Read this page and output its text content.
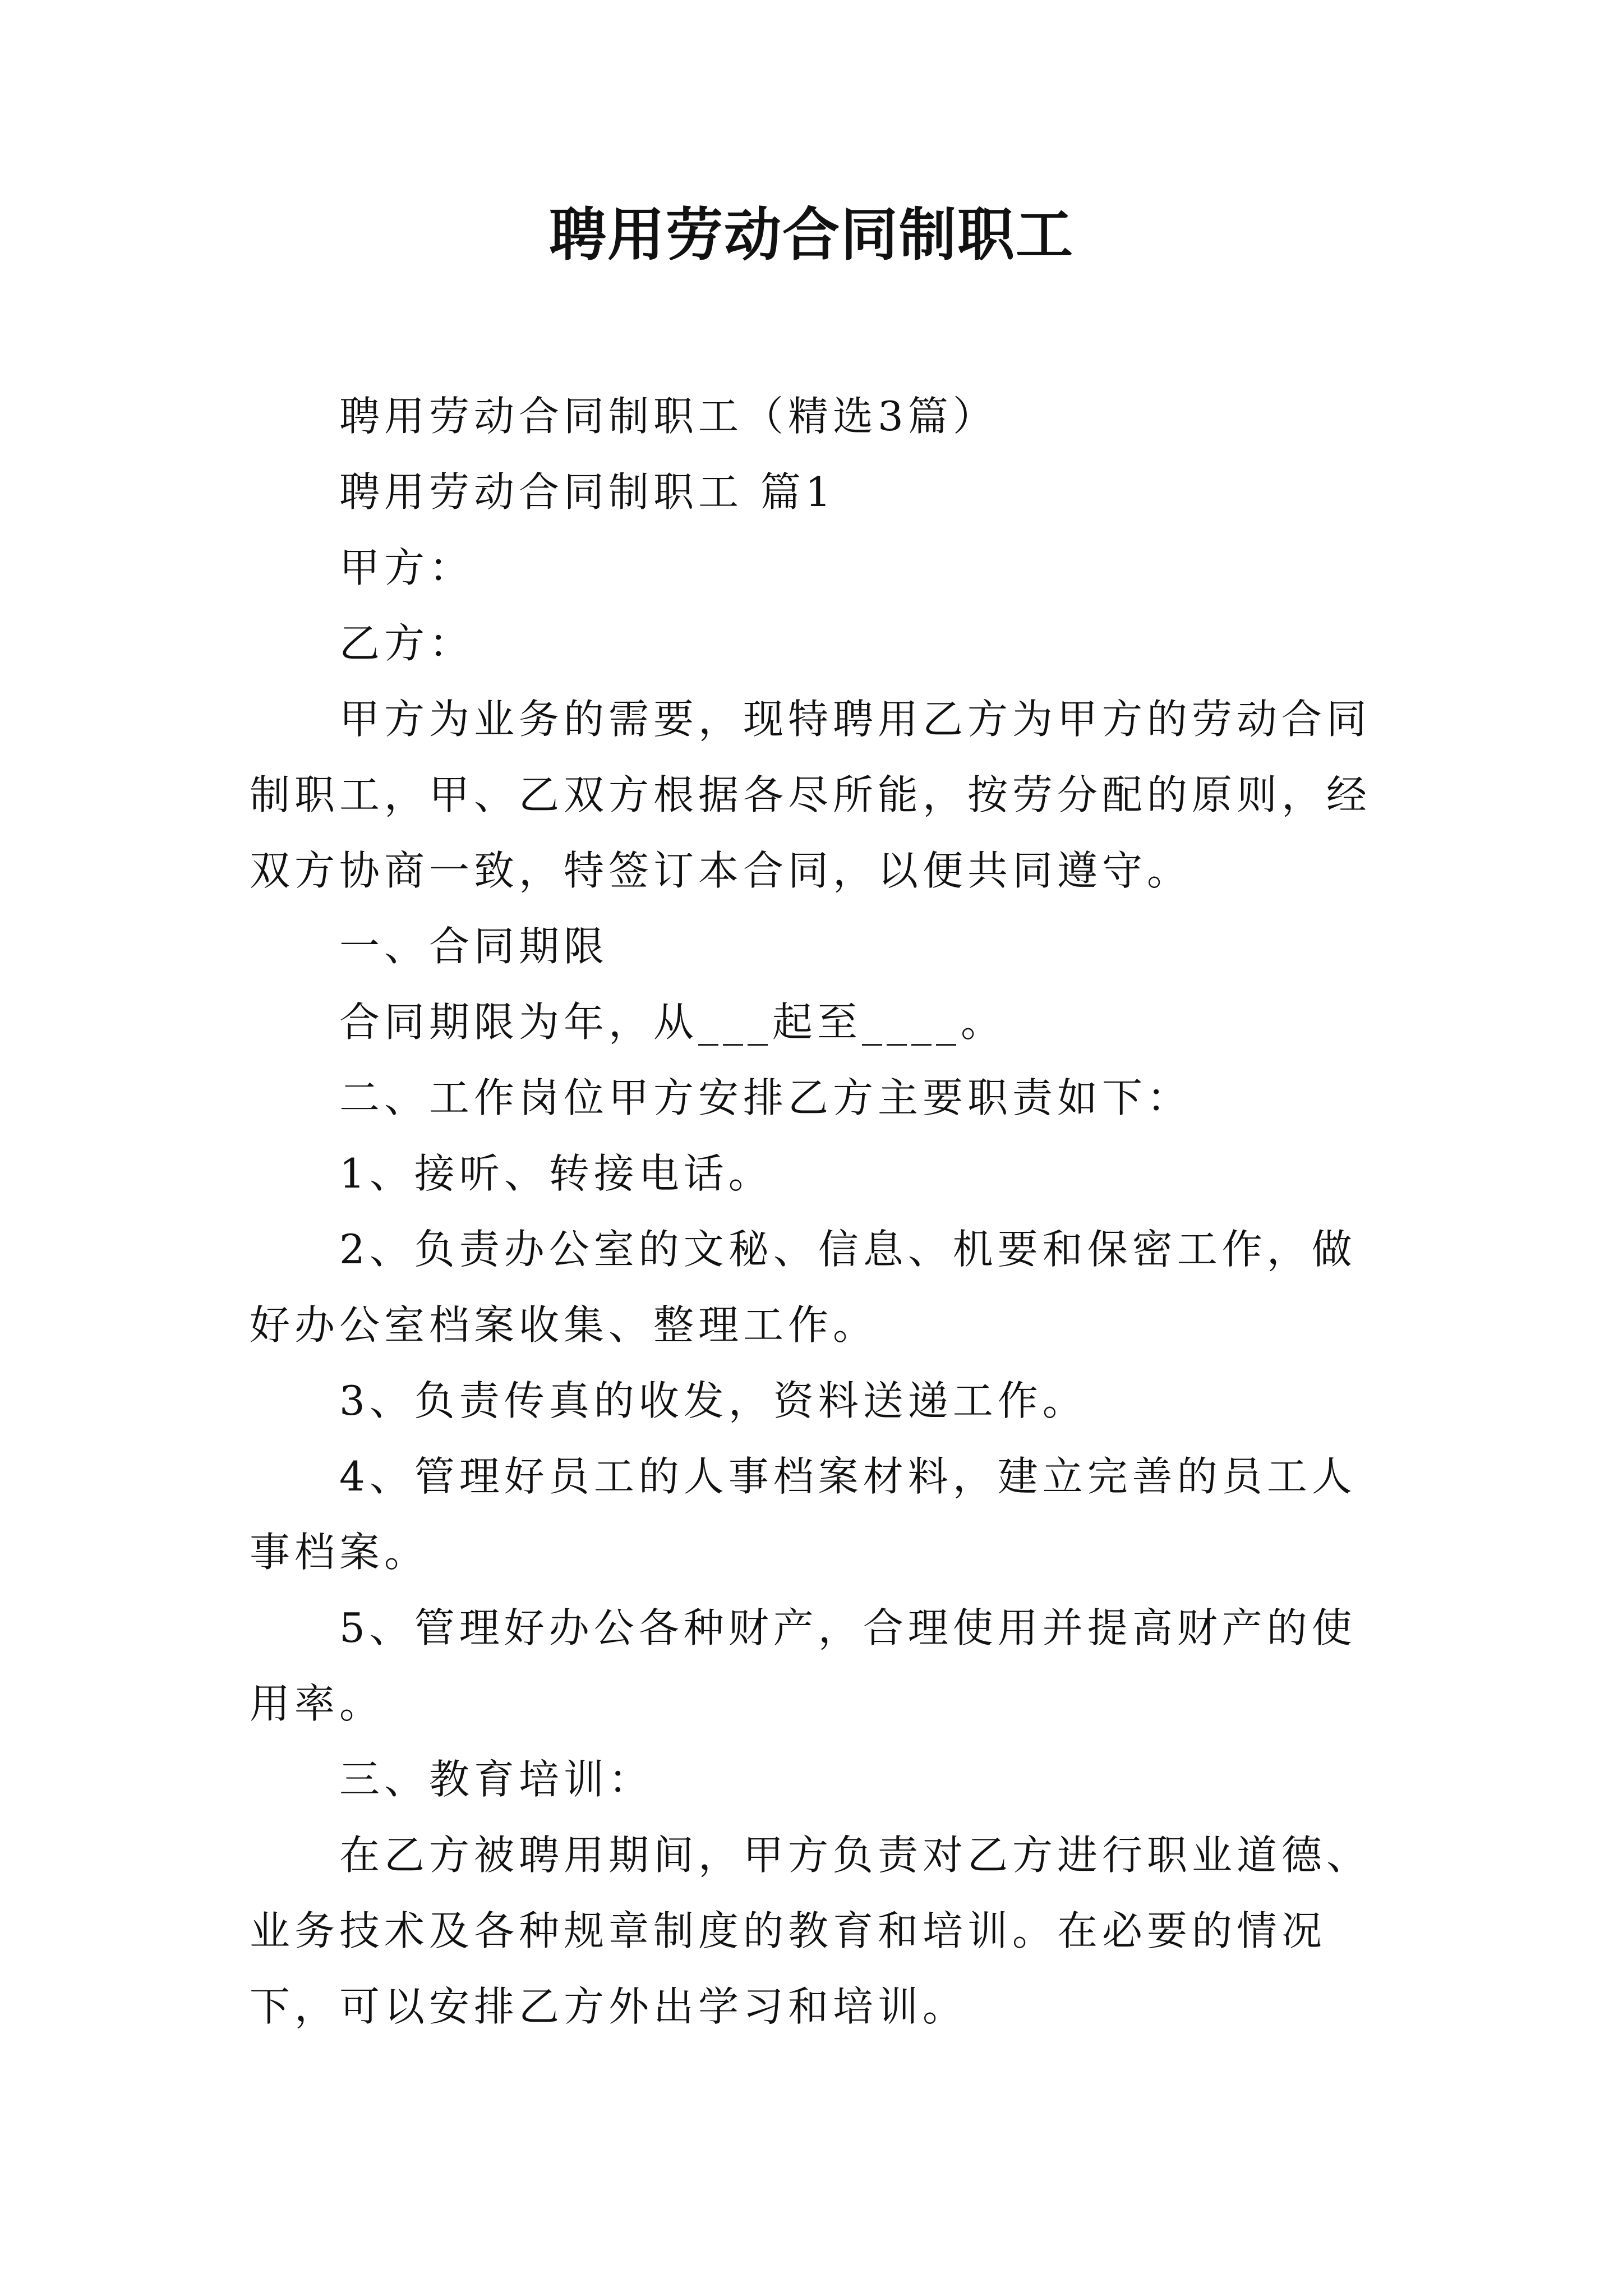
聘用劳动合同制职工

聘用劳动合同制职工（精选3篇）

聘用劳动合同制职工 篇1

甲方：

乙方：

甲方为业务的需要，现特聘用乙方为甲方的劳动合同制职工，甲、乙双方根据各尽所能，按劳分配的原则，经双方协商一致，特签订本合同，以便共同遵守。

一、合同期限

合同期限为年，从___起至____。

二、工作岗位甲方安排乙方主要职责如下：

1、接听、转接电话。

2、负责办公室的文秘、信息、机要和保密工作，做好办公室档案收集、整理工作。

3、负责传真的收发，资料送递工作。

4、管理好员工的人事档案材料，建立完善的员工人事档案。

5、管理好办公各种财产，合理使用并提高财产的使用率。

三、教育培训：

在乙方被聘用期间，甲方负责对乙方进行职业道德、业务技术及各种规章制度的教育和培训。在必要的情况下，可以安排乙方外出学习和培训。
